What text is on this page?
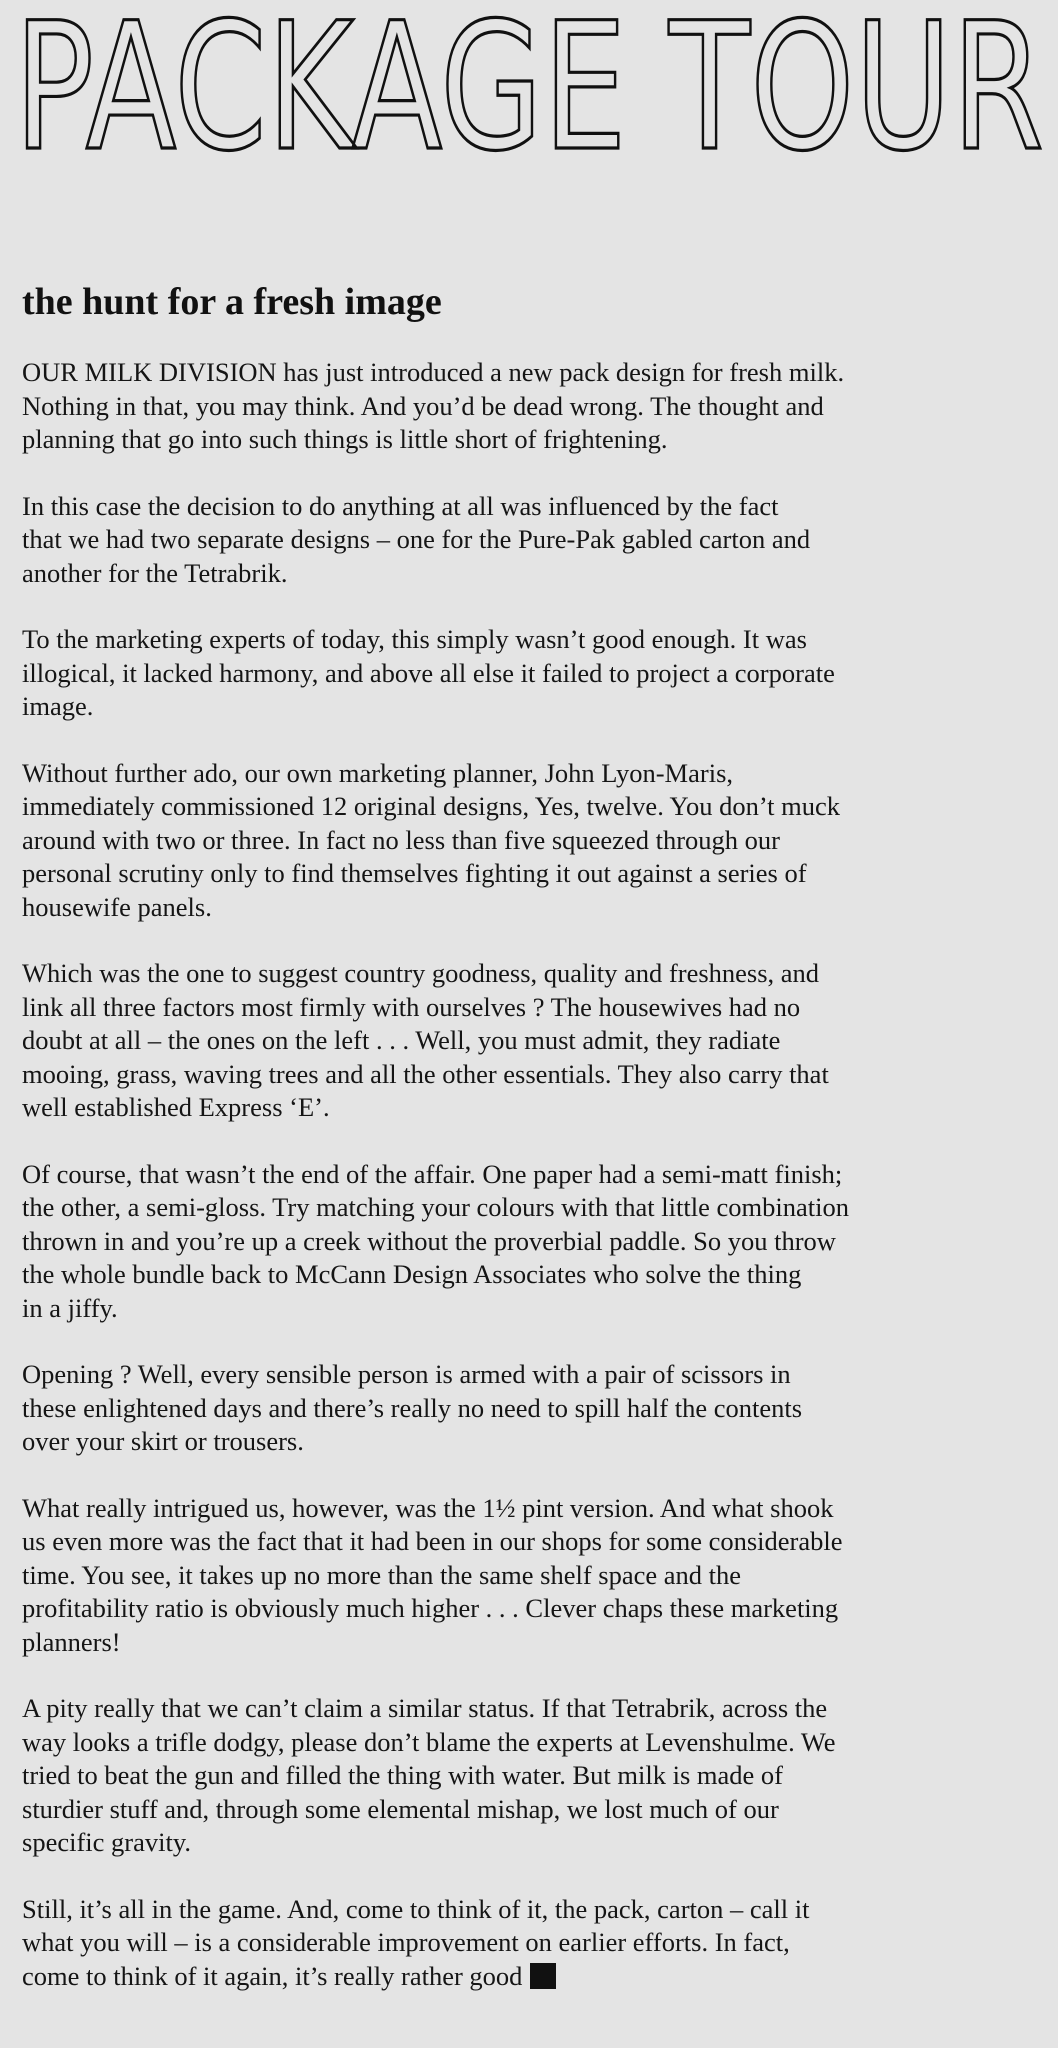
PACKAGE TOUR
the hunt for a fresh image

OUR MILK DIVISION has just introduced a new pack design for fresh milk.
Nothing in that, you may think. And you’d be dead wrong. The thought and
planning that go into such things is little short of frightening.

In this case the decision to do anything at all was influenced by the fact
that we had two separate designs – one for the Pure-Pak gabled carton and
another for the Tetrabrik.

To the marketing experts of today, this simply wasn’t good enough. It was
illogical, it lacked harmony, and above all else it failed to project a corporate
image.

Without further ado, our own marketing planner, John Lyon-Maris,
immediately commissioned 12 original designs, Yes, twelve. You don’t muck
around with two or three. In fact no less than five squeezed through our
personal scrutiny only to find themselves fighting it out against a series of
housewife panels.

Which was the one to suggest country goodness, quality and freshness, and
link all three factors most firmly with ourselves ? The housewives had no
doubt at all – the ones on the left . . . Well, you must admit, they radiate
mooing, grass, waving trees and all the other essentials. They also carry that
well established Express ‘E’.

Of course, that wasn’t the end of the affair. One paper had a semi-matt finish;
the other, a semi-gloss. Try matching your colours with that little combination
thrown in and you’re up a creek without the proverbial paddle. So you throw
the whole bundle back to McCann Design Associates who solve the thing
in a jiffy.

Opening ? Well, every sensible person is armed with a pair of scissors in
these enlightened days and there’s really no need to spill half the contents
over your skirt or trousers.

What really intrigued us, however, was the 1½ pint version. And what shook
us even more was the fact that it had been in our shops for some considerable
time. You see, it takes up no more than the same shelf space and the
profitability ratio is obviously much higher . . . Clever chaps these marketing
planners!

A pity really that we can’t claim a similar status. If that Tetrabrik, across the
way looks a trifle dodgy, please don’t blame the experts at Levenshulme. We
tried to beat the gun and filled the thing with water. But milk is made of
sturdier stuff and, through some elemental mishap, we lost much of our
specific gravity.

Still, it’s all in the game. And, come to think of it, the pack, carton – call it
what you will – is a considerable improvement on earlier efforts. In fact,
come to think of it again, it’s really rather good
